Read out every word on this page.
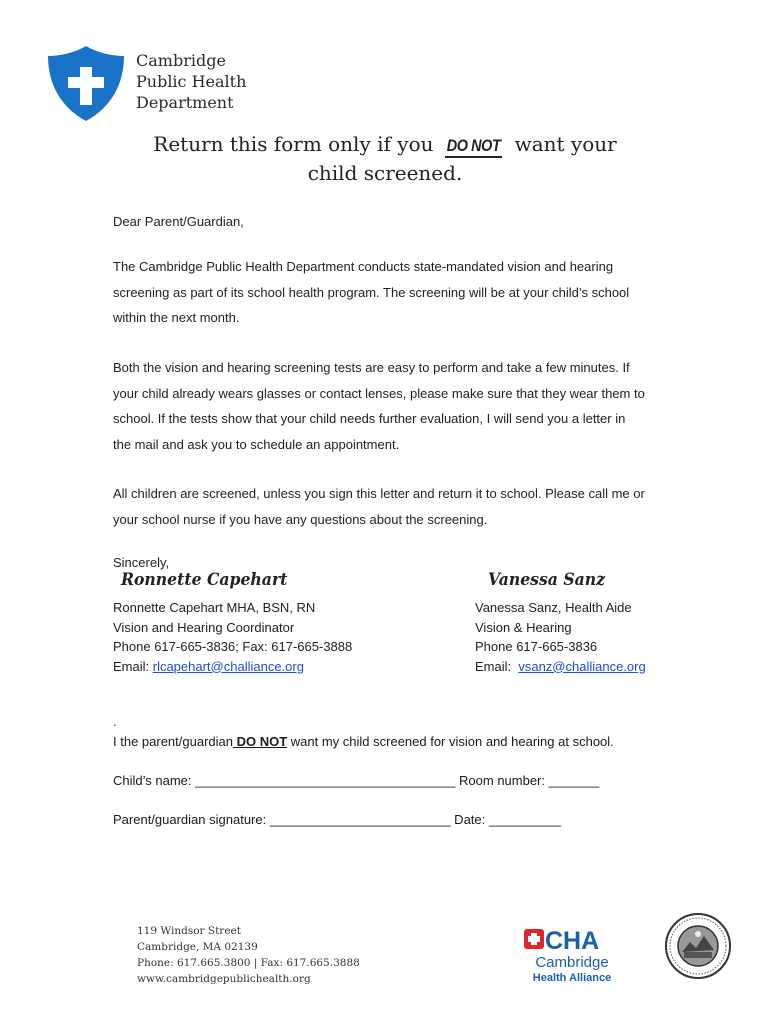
Cambridge
Public Health
Department
Return this form only if you DO NOT want your
child screened.
Dear Parent/Guardian,
The Cambridge Public Health Department conducts state-mandated vision and hearing
screening as part of its school health program. The screening will be at your child’s school
within the next month.
Both the vision and hearing screening tests are easy to perform and take a few minutes. If
your child already wears glasses or contact lenses, please make sure that they wear them to
school. If the tests show that your child needs further evaluation, I will send you a letter in
the mail and ask you to schedule an appointment.
All children are screened, unless you sign this letter and return it to school. Please call me or
your school nurse if you have any questions about the screening.
Sincerely,
Ronnette Capehart	Vanessa Sanz
Ronnette Capehart MHA, BSN, RN
Vision and Hearing Coordinator
Phone 617-665-3836; Fax: 617-665-3888
Email: rlcapehart@challiance.org
Vanessa Sanz, Health Aide
Vision & Hearing
Phone 617-665-3836
Email:  vsanz@challiance.org
.
I the parent/guardian DO NOT want my child screened for vision and hearing at school.
Child’s name: ____________________________________ Room number: _______
Parent/guardian signature: _________________________ Date: __________
119 Windsor Street
Cambridge, MA 02139
Phone: 617.665.3800 | Fax: 617.665.3888
www.cambridgepublichealth.org
CHA
Cambridge
Health Alliance
